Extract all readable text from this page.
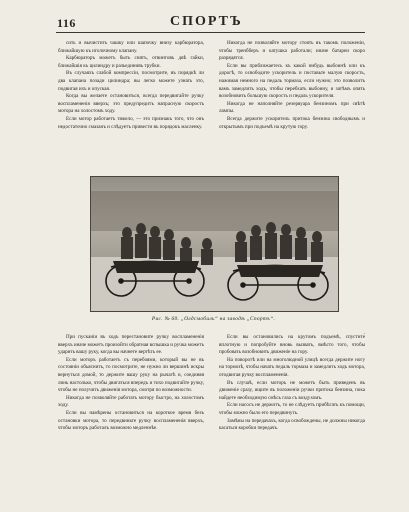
116	СПОРТЪ

сить и вычистить чашку или шапочку внизу карбюратора, ближайшую къ иголочному клапану.

Карбюраторъ можетъ быть снятъ, отвинтовъ двѣ гайки, ближайшія къ цилиндру и разъединивъ трубки.

Въ случаяхъ слабой компрессіи, посмотрите, въ порядкѣ ли два клапана позади цилиндра; вы легко можете узнать это, подвигая ихъ и опуская.

Когда вы желаете остановиться, всегда передвигайте ручку воспламененія вверхъ; это предупредитъ напрасную скорость мотора на холостомъ ходу.

Если мотор работаетъ тяжело, — это признакъ того, что онъ недостаточно смазанъ и слѣдуетъ привести въ порядокъ масленку.

Никогда не позволяйте мотору стоять въ такомъ положеніи, чтобы тренбберъ и катушка работали; иначе батареи скоро разрядятся.

Если вы приближаетесь къ какой нибудь выбоинѣ или къ дорогѣ, то освободите ускоритель и поставьте малую скорость, нажимая немного на педаль тормаза, если нужно; это позволитъ вамъ замедлить ходъ, чтобы перебхать выбоину, и затѣмъ опять возобновить большую скорость и педаль ускорителя.

Никогда не наполняйте резервуара бензиномъ при свѣтѣ лампы.

Всегда держите ускоритель притока бензина свободнымъ и открытымъ при подъемѣ на крутую гору.

Рис. № 60. „Олдсмобиль“ на заводѣ „Спортъ“.

При пусканіи въ ходъ перестановите ручку воспламененія вверхъ иначе можетъ произойти обратная вспышка и ручка можетъ ударить вашу руку, когда вы начнете вертѣть ее.

Если моторъ работаетъ съ перебоями, который вы не въ состояніи объяснить, то посмотрите, не нужно ли вершинѣ искры вернуться домой, то держите вашу руку на рычагѣ и, соединяя линь настолько, чтобы двигаться впередъ и тихо подвигайте ручку, чтобы не получить движенія мотора, смотря по возможности.

Никогда не позволяйте работать мотору быстро, на холостомъ ходу.

Если вы намѣрены остановиться на короткое время безъ остановки мотора, то передвиньте ручку воспламененія вверхъ, чтобы моторъ работалъ возможно медленнѣе.

Если вы остановились на крутомъ подъемѣ, спустите́ вплотную и попробуйте вновь вызвать, вмѣсто того, чтобы пробовать возобновить движеніе на гору.

На поворотѣ или на многолюдной улицѣ всегда держите ногу на тормозѣ, чтобы начать педаль тормаза и замедлить ходъ мотора, отодвигая ручку воспламененія.

Въ случаѣ, если моторъ не можетъ быть приведенъ въ движеніе сразу, ищите въ положеніи ручки притока бензина, пока найдете необходимую смѣсь газа съ воздухомъ.

Если насосъ не держитъ, то не слѣдуетъ прибѣгать къ помощи, чтобы можно было его передвинуть.

Замѣны на передачахъ, когда освобождены, не должны никогда касаться коробки передачъ.
